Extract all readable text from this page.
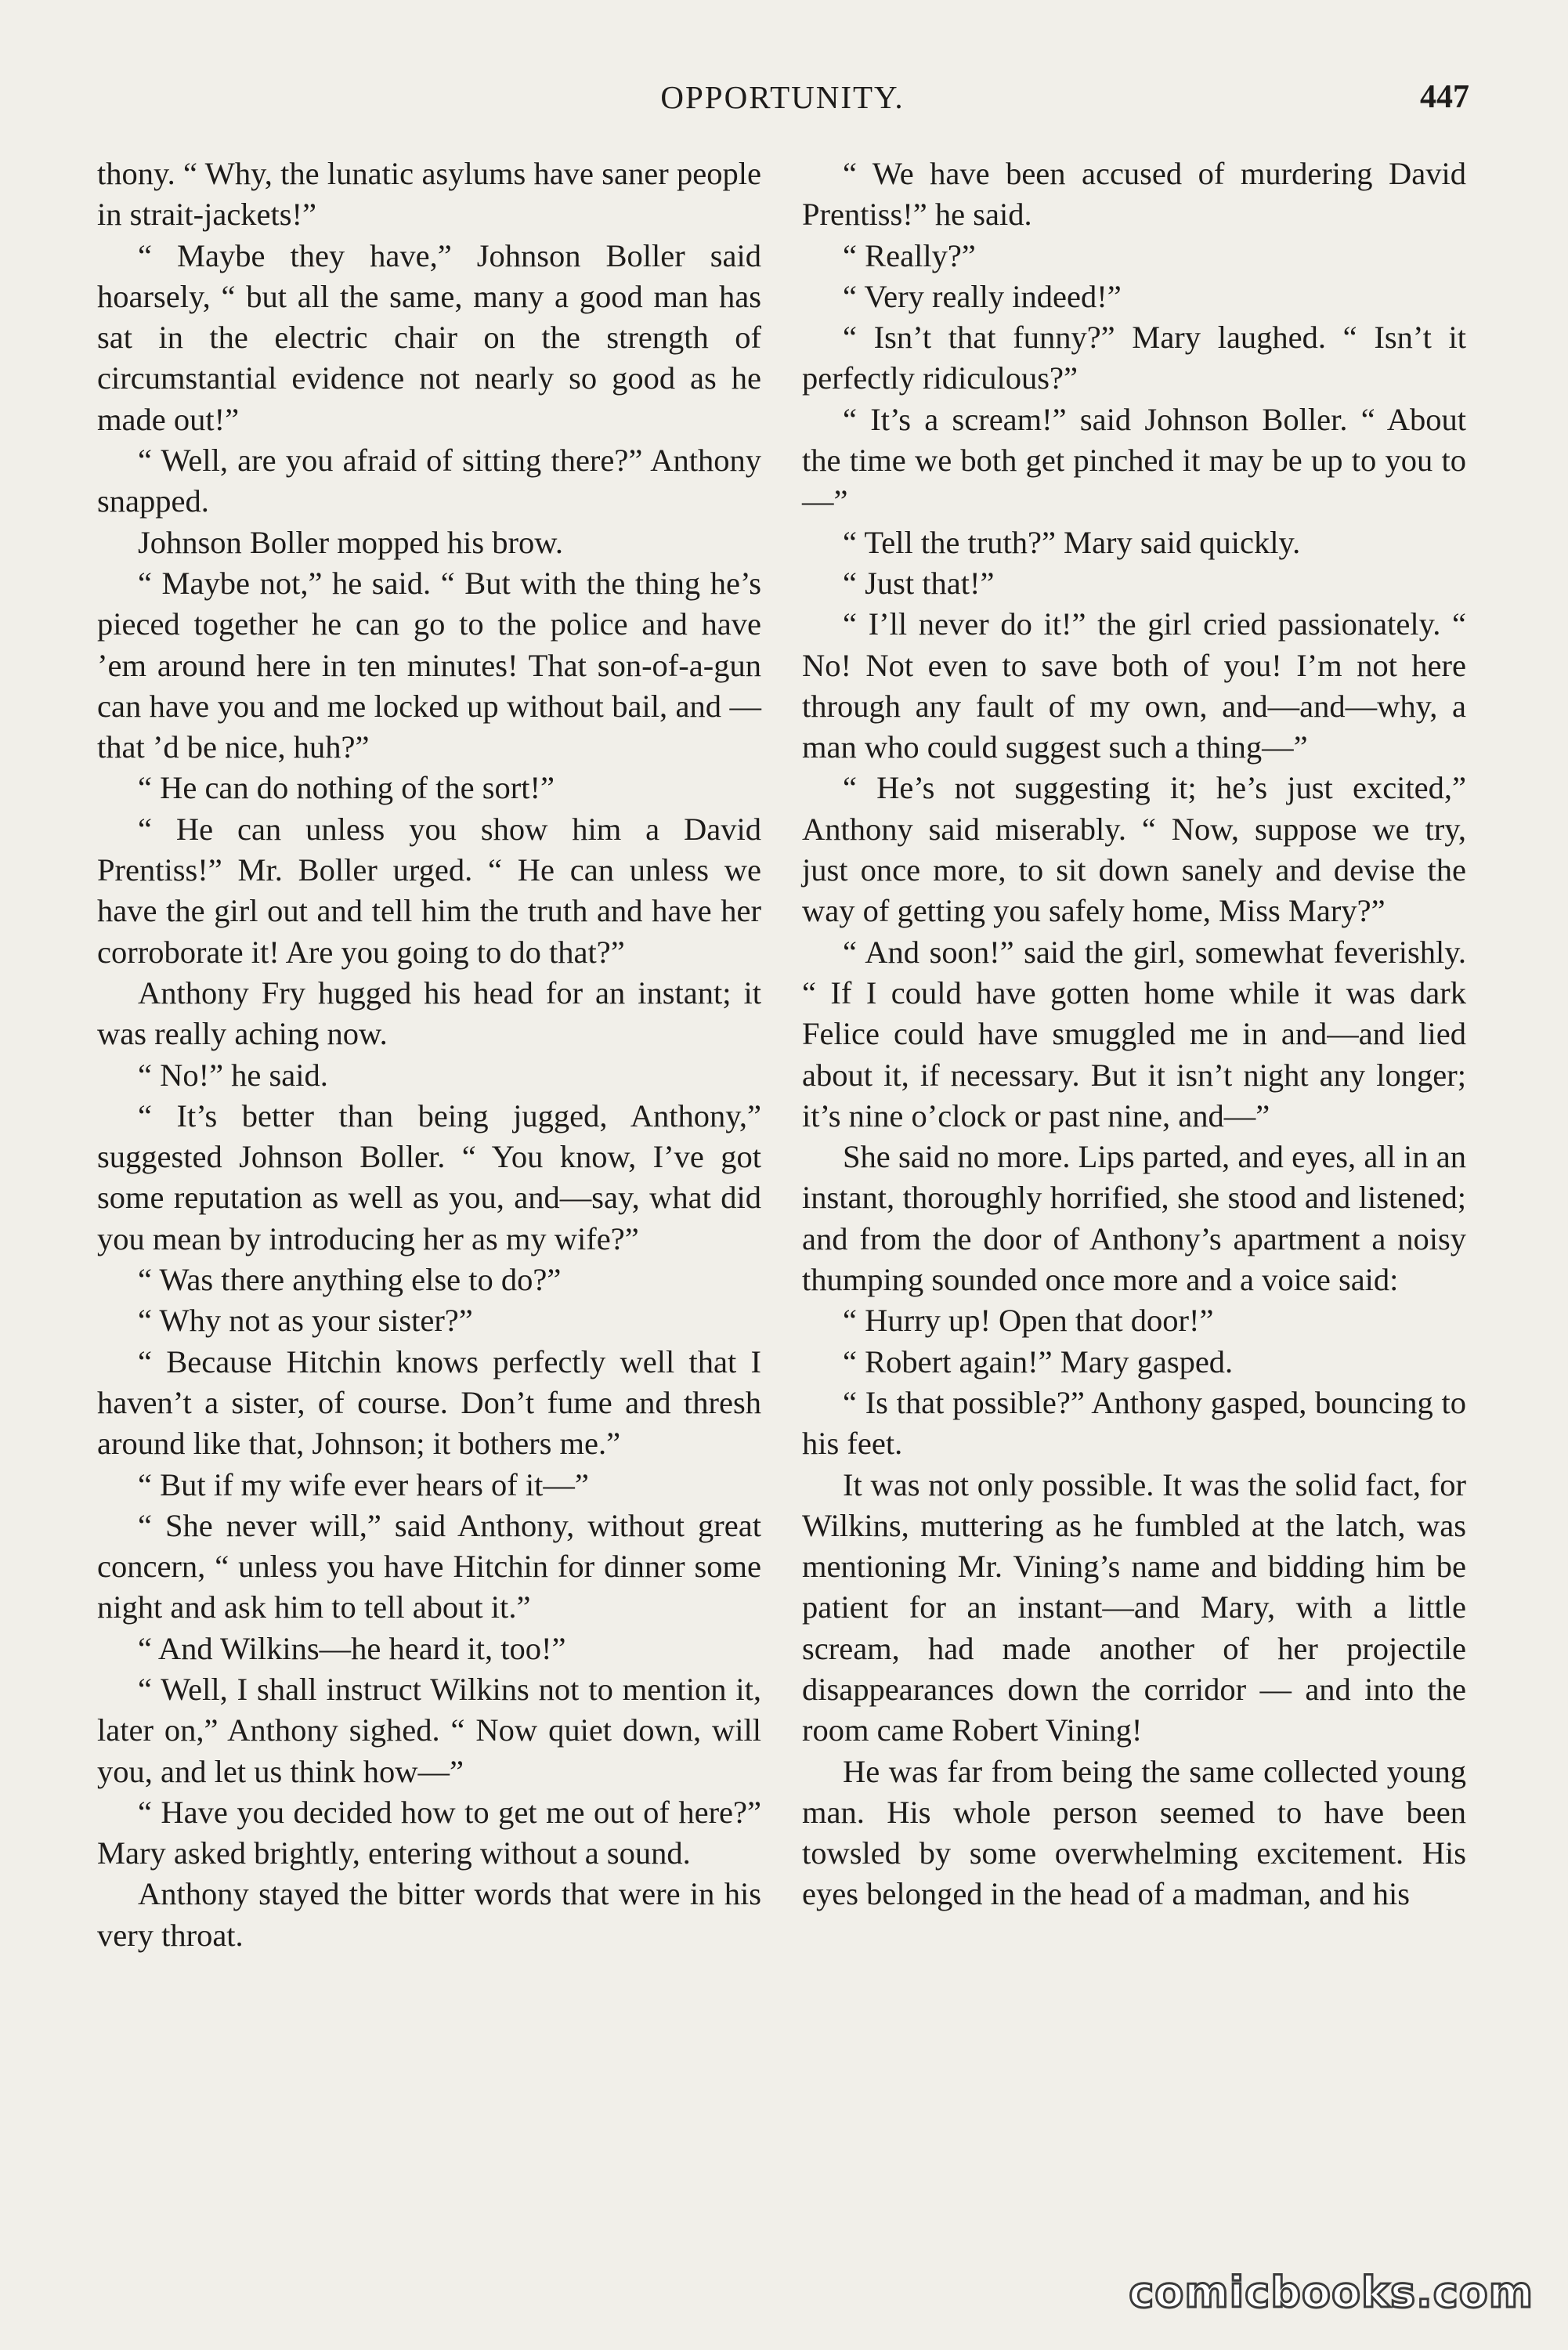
OPPORTUNITY.	447

thony. “ Why, the lunatic asylums have saner people in strait-jackets!”

“ Maybe they have,” Johnson Boller said hoarsely, “ but all the same, many a good man has sat in the electric chair on the strength of circumstantial evidence not nearly so good as he made out!”

“ Well, are you afraid of sitting there?” Anthony snapped.

Johnson Boller mopped his brow.

“ Maybe not,” he said. “ But with the thing he’s pieced together he can go to the police and have ’em around here in ten minutes! That son-of-a-gun can have you and me locked up without bail, and —that ’d be nice, huh?”

“ He can do nothing of the sort!”

“ He can unless you show him a David Prentiss!” Mr. Boller urged. “ He can unless we have the girl out and tell him the truth and have her corroborate it! Are you going to do that?”

Anthony Fry hugged his head for an instant; it was really aching now.

“ No!” he said.

“ It’s better than being jugged, Anthony,” suggested Johnson Boller. “ You know, I’ve got some reputation as well as you, and—say, what did you mean by introducing her as my wife?”

“ Was there anything else to do?”

“ Why not as your sister?”

“ Because Hitchin knows perfectly well that I haven’t a sister, of course. Don’t fume and thresh around like that, Johnson; it bothers me.”

“ But if my wife ever hears of it—”

“ She never will,” said Anthony, without great concern, “ unless you have Hitchin for dinner some night and ask him to tell about it.”

“ And Wilkins—he heard it, too!”

“ Well, I shall instruct Wilkins not to mention it, later on,” Anthony sighed. “ Now quiet down, will you, and let us think how—”

“ Have you decided how to get me out of here?” Mary asked brightly, entering without a sound.

Anthony stayed the bitter words that were in his very throat.

“ We have been accused of murdering David Prentiss!” he said.

“ Really?”

“ Very really indeed!”

“ Isn’t that funny?” Mary laughed. “ Isn’t it perfectly ridiculous?”

“ It’s a scream!” said Johnson Boller. “ About the time we both get pinched it may be up to you to—”

“ Tell the truth?” Mary said quickly.

“ Just that!”

“ I’ll never do it!” the girl cried passionately. “ No! Not even to save both of you! I’m not here through any fault of my own, and—and—why, a man who could suggest such a thing—”

“ He’s not suggesting it; he’s just excited,” Anthony said miserably. “ Now, suppose we try, just once more, to sit down sanely and devise the way of getting you safely home, Miss Mary?”

“ And soon!” said the girl, somewhat feverishly. “ If I could have gotten home while it was dark Felice could have smuggled me in and—and lied about it, if necessary. But it isn’t night any longer; it’s nine o’clock or past nine, and—”

She said no more. Lips parted, and eyes, all in an instant, thoroughly horrified, she stood and listened; and from the door of Anthony’s apartment a noisy thumping sounded once more and a voice said:

“ Hurry up! Open that door!”

“ Robert again!” Mary gasped.

“ Is that possible?” Anthony gasped, bouncing to his feet.

It was not only possible. It was the solid fact, for Wilkins, muttering as he fumbled at the latch, was mentioning Mr. Vining’s name and bidding him be patient for an instant—and Mary, with a little scream, had made another of her projectile disappearances down the corridor — and into the room came Robert Vining!

He was far from being the same collected young man. His whole person seemed to have been towsled by some overwhelming excitement. His eyes belonged in the head of a madman, and his

comicbooks.com
